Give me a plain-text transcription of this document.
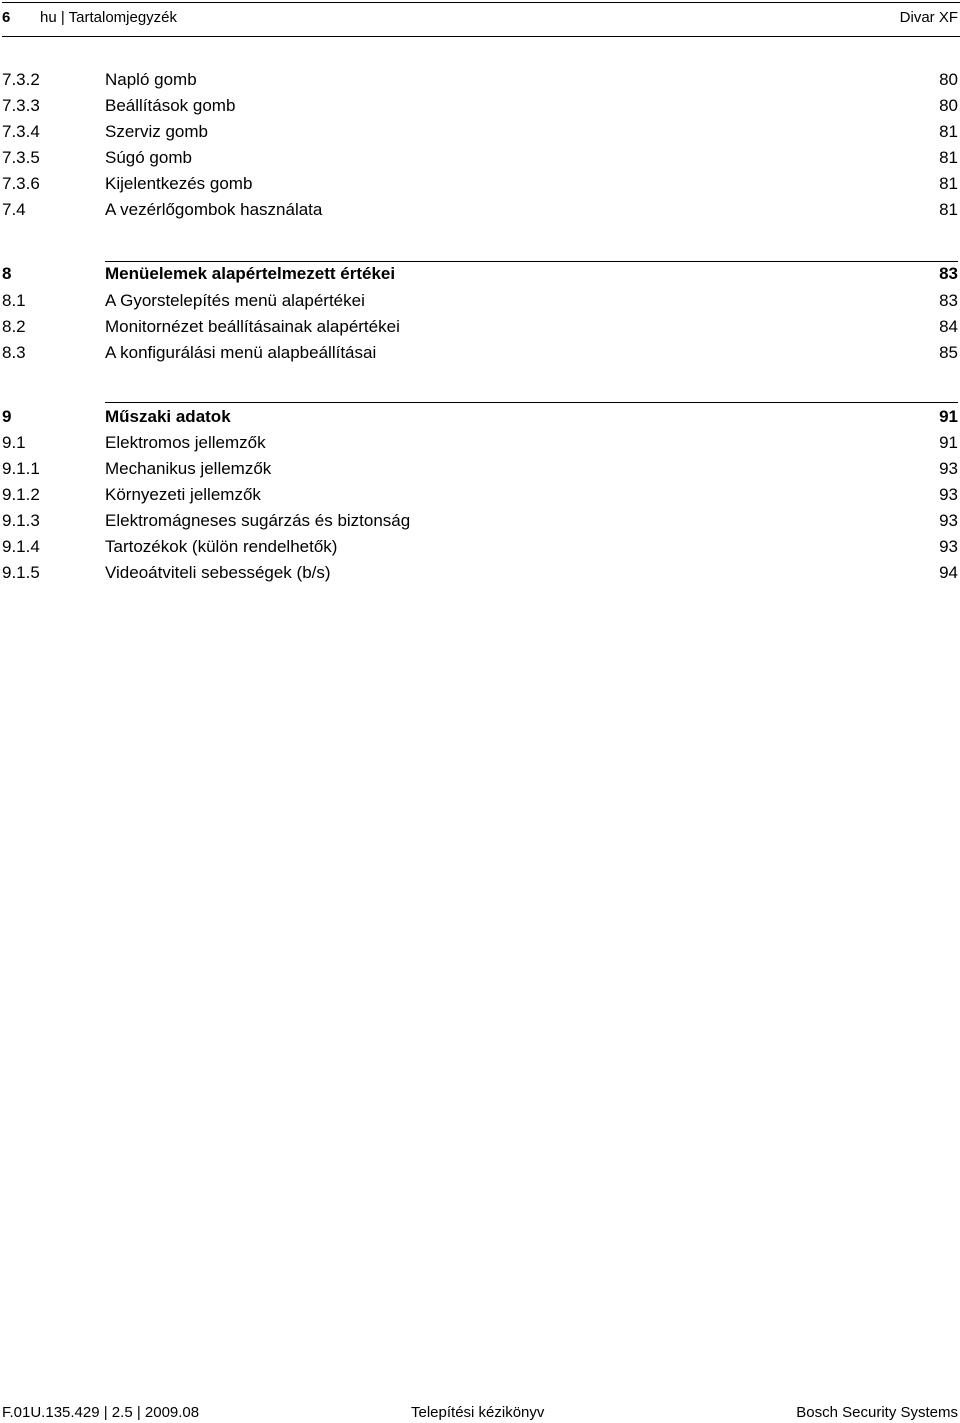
6 hu | Tartalomjegyzék	Divar XF
7.3.2	Napló gomb	80
7.3.3	Beállítások gomb	80
7.3.4	Szerviz gomb	81
7.3.5	Súgó gomb	81
7.3.6	Kijelentkezés gomb	81
7.4	A vezérlőgombok használata	81
8	Menüelemek alapértelmezett értékei	83
8.1	A Gyorstelepítés menü alapértékei	83
8.2	Monitornézet beállításainak alapértékei	84
8.3	A konfigurálási menü alapbeállításai	85
9	Műszaki adatok	91
9.1	Elektromos jellemzők	91
9.1.1	Mechanikus jellemzők	93
9.1.2	Környezeti jellemzők	93
9.1.3	Elektromágneses sugárzás és biztonság	93
9.1.4	Tartozékok (külön rendelhetők)	93
9.1.5	Videoátviteli sebességek (b/s)	94
F.01U.135.429 | 2.5 | 2009.08	Telepítési kézikönyv	Bosch Security Systems
